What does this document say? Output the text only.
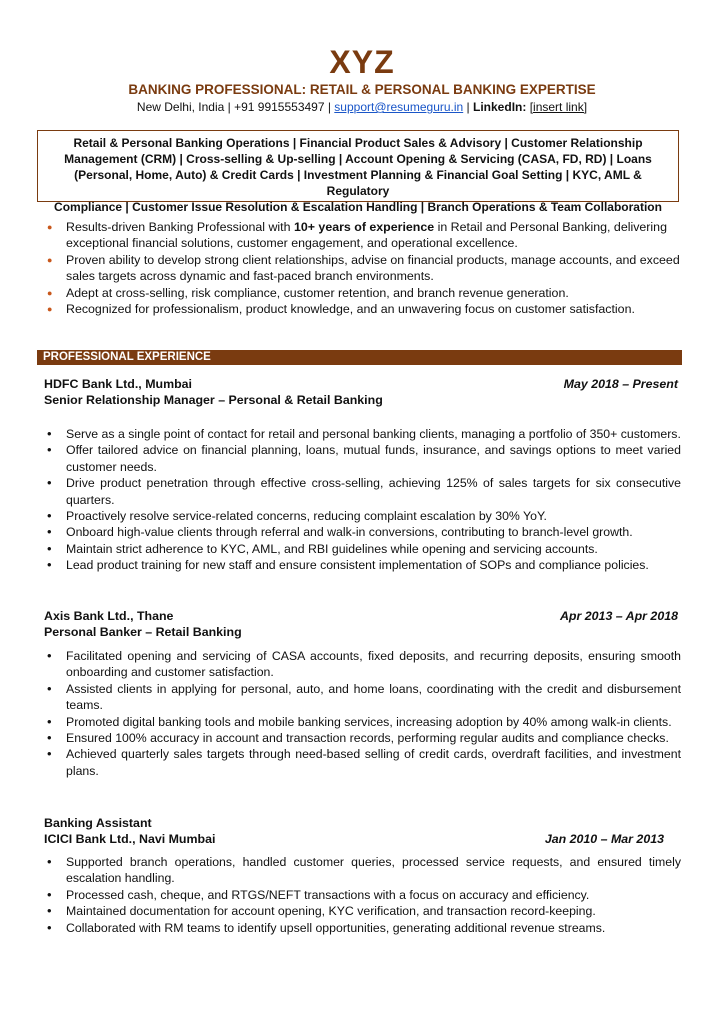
XYZ
BANKING PROFESSIONAL: RETAIL & PERSONAL BANKING EXPERTISE
New Delhi, India | +91 9915553497 | support@resumeguru.in | LinkedIn: [insert link]
Retail & Personal Banking Operations | Financial Product Sales & Advisory | Customer Relationship
Management (CRM) | Cross-selling & Up-selling | Account Opening & Servicing (CASA, FD, RD) | Loans
(Personal, Home, Auto) & Credit Cards | Investment Planning & Financial Goal Setting | KYC, AML & Regulatory
Compliance | Customer Issue Resolution & Escalation Handling | Branch Operations & Team Collaboration
● Results-driven Banking Professional with 10+ years of experience in Retail and Personal Banking, delivering exceptional financial solutions, customer engagement, and operational excellence.
● Proven ability to develop strong client relationships, advise on financial products, manage accounts, and exceed sales targets across dynamic and fast-paced branch environments.
● Adept at cross-selling, risk compliance, customer retention, and branch revenue generation.
● Recognized for professionalism, product knowledge, and an unwavering focus on customer satisfaction.
PROFESSIONAL EXPERIENCE
HDFC Bank Ltd., Mumbai	May 2018 – Present
Senior Relationship Manager – Personal & Retail Banking
• Serve as a single point of contact for retail and personal banking clients, managing a portfolio of 350+ customers.
• Offer tailored advice on financial planning, loans, mutual funds, insurance, and savings options to meet varied customer needs.
• Drive product penetration through effective cross-selling, achieving 125% of sales targets for six consecutive quarters.
• Proactively resolve service-related concerns, reducing complaint escalation by 30% YoY.
• Onboard high-value clients through referral and walk-in conversions, contributing to branch-level growth.
• Maintain strict adherence to KYC, AML, and RBI guidelines while opening and servicing accounts.
• Lead product training for new staff and ensure consistent implementation of SOPs and compliance policies.
Axis Bank Ltd., Thane	Apr 2013 – Apr 2018
Personal Banker – Retail Banking
• Facilitated opening and servicing of CASA accounts, fixed deposits, and recurring deposits, ensuring smooth onboarding and customer satisfaction.
• Assisted clients in applying for personal, auto, and home loans, coordinating with the credit and disbursement teams.
• Promoted digital banking tools and mobile banking services, increasing adoption by 40% among walk-in clients.
• Ensured 100% accuracy in account and transaction records, performing regular audits and compliance checks.
• Achieved quarterly sales targets through need-based selling of credit cards, overdraft facilities, and investment plans.
Banking Assistant
ICICI Bank Ltd., Navi Mumbai	Jan 2010 – Mar 2013
• Supported branch operations, handled customer queries, processed service requests, and ensured timely escalation handling.
• Processed cash, cheque, and RTGS/NEFT transactions with a focus on accuracy and efficiency.
• Maintained documentation for account opening, KYC verification, and transaction record-keeping.
• Collaborated with RM teams to identify upsell opportunities, generating additional revenue streams.
